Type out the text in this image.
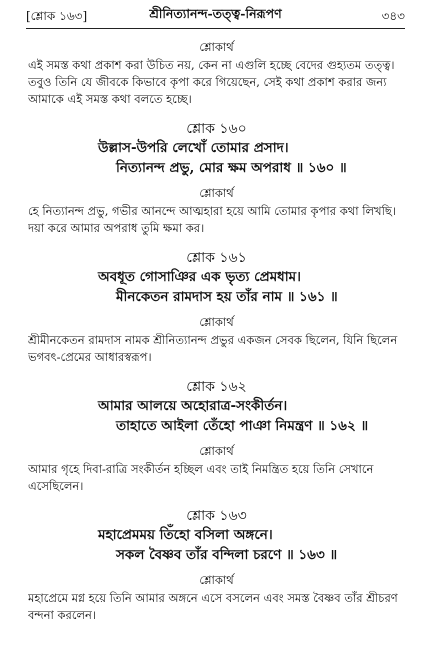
[শ্লোক ১৬৩]	শ্রীনিত্যানন্দ-তত্ত্ব-নিরূপণ	৩৪৩
শ্লোকার্থ
এই সমস্ত কথা প্রকাশ করা উচিত নয়, কেন না এগুলি হচ্ছে বেদের গুহ্যতম তত্ত্ব।
তবুও তিনি যে জীবকে কিভাবে কৃপা করে গিয়েছেন, সেই কথা প্রকাশ করার জন্য
আমাকে এই সমস্ত কথা বলতে হচ্ছে।
শ্লোক ১৬০
উল্লাস-উপরি লেখোঁ তোমার প্রসাদ।
নিত্যানন্দ প্রভু, মোর ক্ষম অপরাধ ॥ ১৬০ ॥
শ্লোকার্থ
হে নিত্যানন্দ প্রভু, গভীর আনন্দে আত্মহারা হয়ে আমি তোমার কৃপার কথা লিখছি।
দয়া করে আমার অপরাধ তুমি ক্ষমা কর।
শ্লোক ১৬১
অবধূত গোসাঞির এক ভৃত্য প্রেমধাম।
মীনকেতন রামদাস হয় তাঁর নাম ॥ ১৬১ ॥
শ্লোকার্থ
শ্রীমীনকেতন রামদাস নামক শ্রীনিত্যানন্দ প্রভুর একজন সেবক ছিলেন, যিনি ছিলেন
ভগবৎ-প্রেমের আধারস্বরূপ।
শ্লোক ১৬২
আমার আলয়ে অহোরাত্র-সংকীর্তন।
তাহাতে আইলা তেঁহো পাঞা নিমন্ত্রণ ॥ ১৬২ ॥
শ্লোকার্থ
আমার গৃহে দিবা-রাত্রি সংকীর্তন হচ্ছিল এবং তাই নিমন্ত্রিত হয়ে তিনি সেখানে
এসেছিলেন।
শ্লোক ১৬৩
মহাপ্রেমময় তিঁহো বসিলা অঙ্গনে।
সকল বৈষ্ণব তাঁর বন্দিলা চরণে ॥ ১৬৩ ॥
শ্লোকার্থ
মহাপ্রেমে মগ্ন হয়ে তিনি আমার অঙ্গনে এসে বসলেন এবং সমস্ত বৈষ্ণব তাঁর শ্রীচরণ
বন্দনা করলেন।
